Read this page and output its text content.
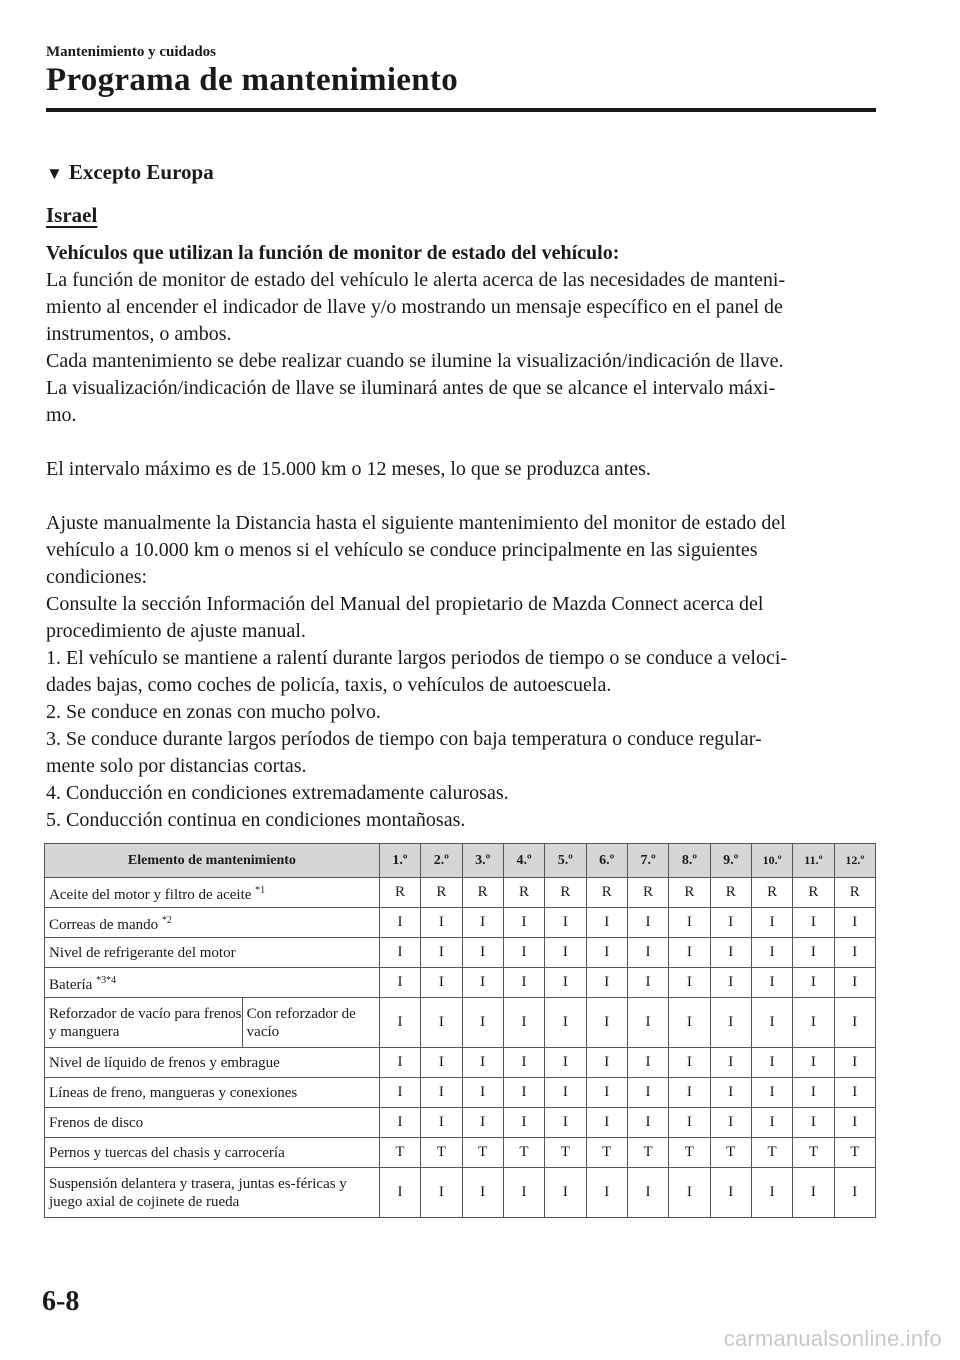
Mantenimiento y cuidados
Programa de mantenimiento
▼ Excepto Europa
Israel

Vehículos que utilizan la función de monitor de estado del vehículo:

La función de monitor de estado del vehículo le alerta acerca de las necesidades de manteni-

miento al encender el indicador de llave y/o mostrando un mensaje específico en el panel de

instrumentos, o ambos.

Cada mantenimiento se debe realizar cuando se ilumine la visualización/indicación de llave.

La visualización/indicación de llave se iluminará antes de que se alcance el intervalo máxi-

mo.

El intervalo máximo es de 15.000 km o 12 meses, lo que se produzca antes.

Ajuste manualmente la Distancia hasta el siguiente mantenimiento del monitor de estado del

vehículo a 10.000 km o menos si el vehículo se conduce principalmente en las siguientes

condiciones:

Consulte la sección Información del Manual del propietario de Mazda Connect acerca del

procedimiento de ajuste manual.

1. El vehículo se mantiene a ralentí durante largos periodos de tiempo o se conduce a veloci-

dades bajas, como coches de policía, taxis, o vehículos de autoescuela.

2. Se conduce en zonas con mucho polvo.

3. Se conduce durante largos períodos de tiempo con baja temperatura o conduce regular-

mente solo por distancias cortas.

4. Conducción en condiciones extremadamente calurosas.

5. Conducción continua en condiciones montañosas.

Elemento de mantenimiento		1.º	2.º	3.º	4.º	5.º	6.º	7.º	8.º	9.º	10.º	11.º	12.º
Aceite del motor y filtro de aceite $^{*1}$		R	R	R	R	R	R	R	R	R	R	R	R
Correas de mando $^{*2}$		I	I	I	I	I	I	I	I	I	I	I	I
Nivel de refrigerante del motor		I	I	I	I	I	I	I	I	I	I	I	I
Batería $^{*3*4}$		I	I	I	I	I	I	I	I	I	I	I	I
Reforzador de vacío para frenos y manguera	Con reforzador de vacío	I	I	I	I	I	I	I	I	I	I	I	I
Nivel de líquido de frenos y embrague		I	I	I	I	I	I	I	I	I	I	I	I
Líneas de freno, mangueras y conexiones		I	I	I	I	I	I	I	I	I	I	I	I
Frenos de disco		I	I	I	I	I	I	I	I	I	I	I	I
Pernos y tuercas del chasis y carrocería		T	T	T	T	T	T	T	T	T	T	T	T
Suspensión delantera y trasera, juntas es-féricas y juego axial de cojinete de rueda		I	I	I	I	I	I	I	I	I	I	I	I
6-8
carmanualsonline.info
